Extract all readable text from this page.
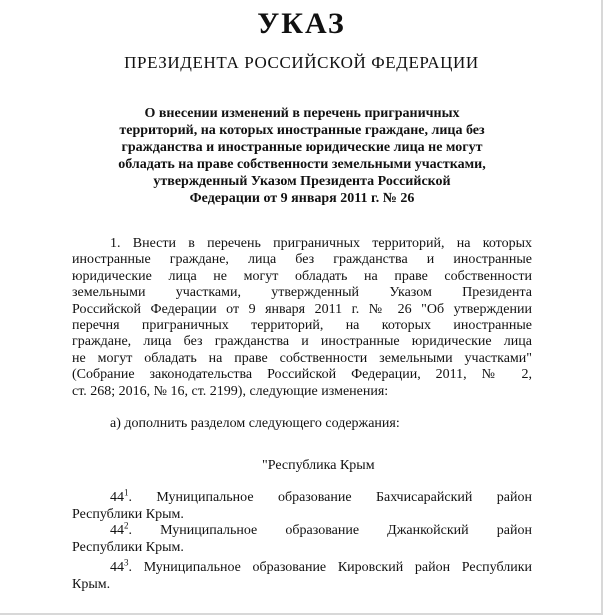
УКАЗ
ПРЕЗИДЕНТА РОССИЙСКОЙ ФЕДЕРАЦИИ
О внесении изменений в перечень приграничных
территорий, на которых иностранные граждане, лица без
гражданства и иностранные юридические лица не могут
обладать на праве собственности земельными участками,
утвержденный Указом Президента Российской
Федерации от 9 января 2011 г. № 26
1. Внести в перечень приграничных территорий, на которых
иностранные граждане, лица без гражданства и иностранные
юридические лица не могут обладать на праве собственности
земельными участками, утвержденный Указом Президента
Российской Федерации от 9 января 2011 г. № 26 "Об утверждении
перечня приграничных территорий, на которых иностранные
граждане, лица без гражданства и иностранные юридические лица
не могут обладать на праве собственности земельными участками"
(Собрание законодательства Российской Федерации, 2011, № 2,
ст. 268; 2016, № 16, ст. 2199), следующие изменения:
а) дополнить разделом следующего содержания:
"Республика Крым
$44^1$. Муниципальное образование Бахчисарайский район
Республики Крым.
$44^2$. Муниципальное образование Джанкойский район
Республики Крым.
$44^3$. Муниципальное образование Кировский район Республики
Крым.
